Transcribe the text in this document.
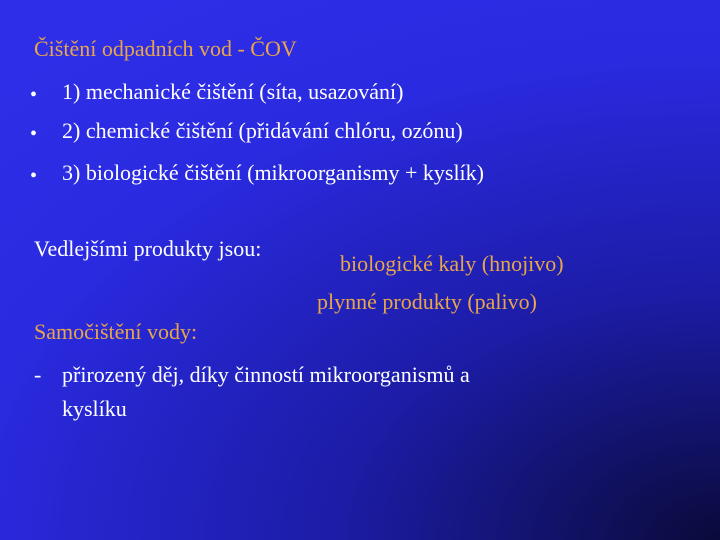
Čištění odpadních vod - ČOV
• 1) mechanické čištění (síta, usazování)
• 2) chemické čištění (přidávání chlóru, ozónu)
• 3) biologické čištění (mikroorganismy + kyslík)
Vedlejšími produkty jsou:
biologické kaly (hnojivo)
plynné produkty (palivo)
Samočištění vody:
- přirozený děj, díky činností mikroorganismů a
kyslíku
